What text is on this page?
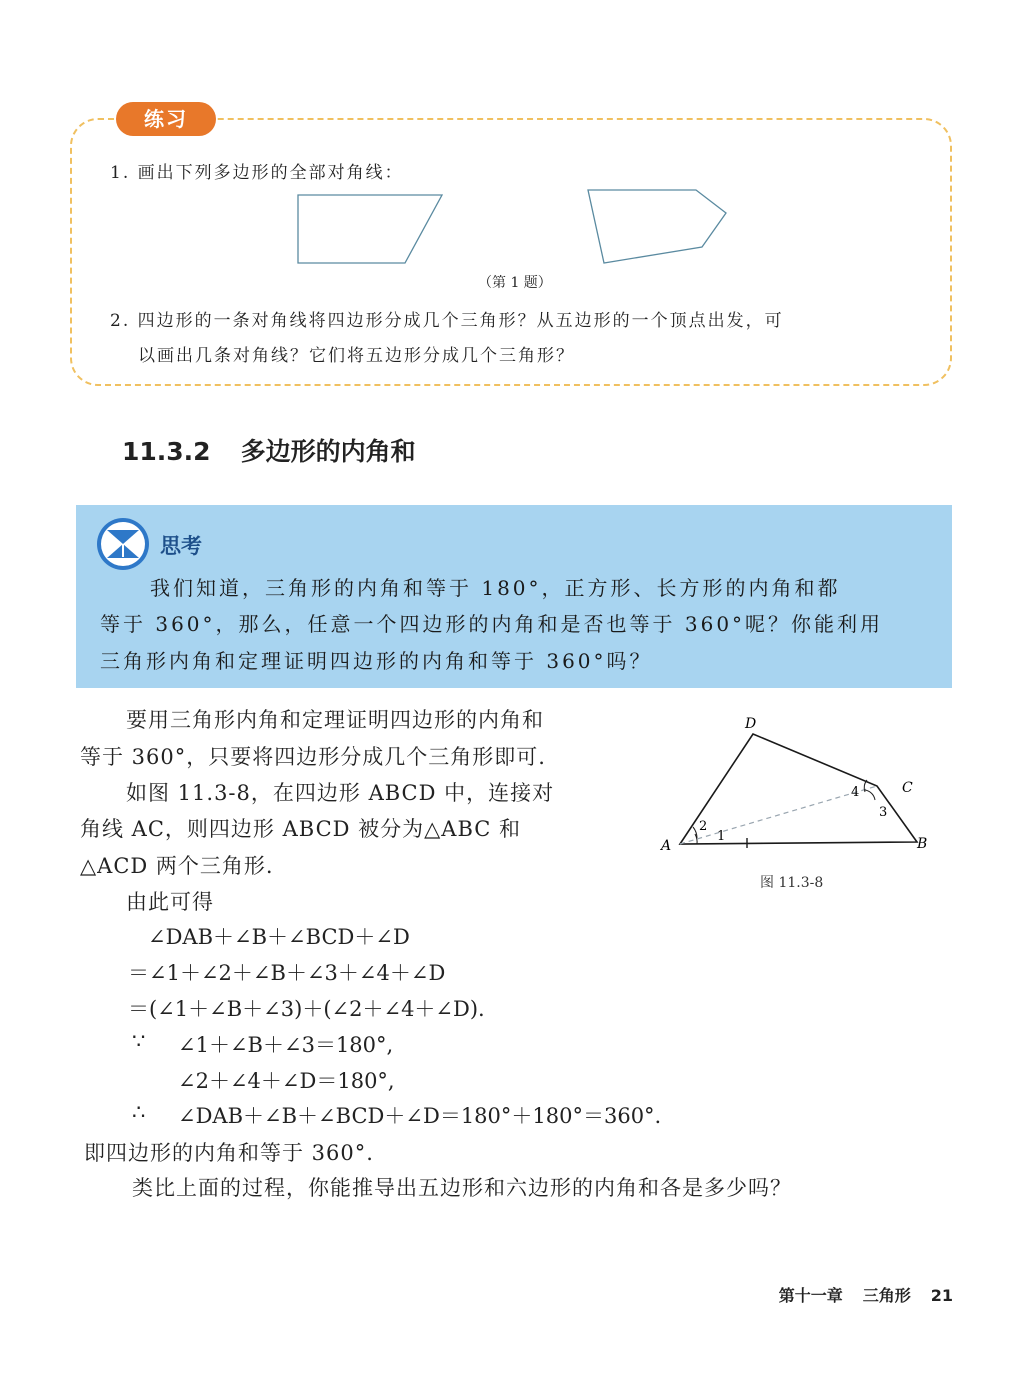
练习
1. 画出下列多边形的全部对角线：
（第 1 题）
2. 四边形的一条对角线将四边形分成几个三角形？从五边形的一个顶点出发，可
以画出几条对角线？它们将五边形分成几个三角形？
11.3.2 多边形的内角和
思考
我们知道，三角形的内角和等于 180°，正方形、长方形的内角和都
等于 360°，那么，任意一个四边形的内角和是否也等于 360°呢？你能利用
三角形内角和定理证明四边形的内角和等于 360°吗？
要用三角形内角和定理证明四边形的内角和
等于 360°，只要将四边形分成几个三角形即可.
如图 11.3-8，在四边形 ABCD 中，连接对
角线 AC，则四边形 ABCD 被分为△ABC 和
△ACD 两个三角形.
由此可得
∠DAB＋∠B＋∠BCD＋∠D
＝∠1＋∠2＋∠B＋∠3＋∠4＋∠D
＝(∠1＋∠B＋∠3)＋(∠2＋∠4＋∠D).
∵ ∠1＋∠B＋∠3＝180°,
∠2＋∠4＋∠D＝180°,
∴ ∠DAB＋∠B＋∠BCD＋∠D＝180°＋180°＝360°.
即四边形的内角和等于 360°.
类比上面的过程，你能推导出五边形和六边形的内角和各是多少吗？
A	B
C
D
1
2
3
4
图 11.3-8
第十一章 三角形 21
